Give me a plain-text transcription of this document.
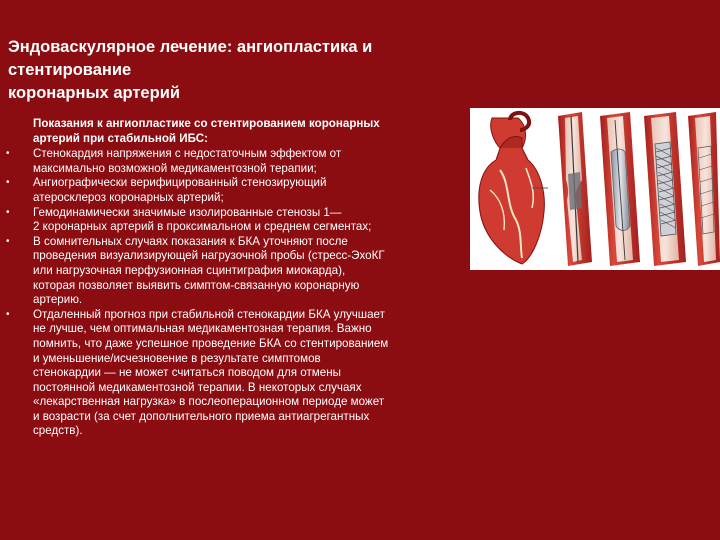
Эндоваскулярное лечение: ангиопластика и
стентирование
коронарных артерий
Показания к ангиопластике со стентированием коронарных
артерий при стабильной ИБС:
•	Стенокардия напряжения с недостаточным эффектом от
максимально возможной медикаментозной терапии;
•	Ангиографически верифицированный стенозирующий
атеросклероз коронарных артерий;
•	Гемодинамически значимые изолированные стенозы 1—
2 коронарных артерий в проксимальном и среднем сегментах;
•	В сомнительных случаях показания к БКА уточняют после
проведения визуализирующей нагрузочной пробы (стресс-ЭхоКГ
или нагрузочная перфузионная сцинтиграфия миокарда),
которая позволяет выявить симптом-связанную коронарную
артерию.
•	Отдаленный прогноз при стабильной стенокардии БКА улучшает
не лучше, чем оптимальная медикаментозная терапия. Важно
помнить, что даже успешное проведение БКА со стентированием
и уменьшение/исчезновение в результате симптомов
стенокардии — не может считаться поводом для отмены
постоянной медикаментозной терапии. В некоторых случаях
«лекарственная нагрузка» в послеоперационном периоде может
и возрасти (за счет дополнительного приема антиагрегантных
средств).
